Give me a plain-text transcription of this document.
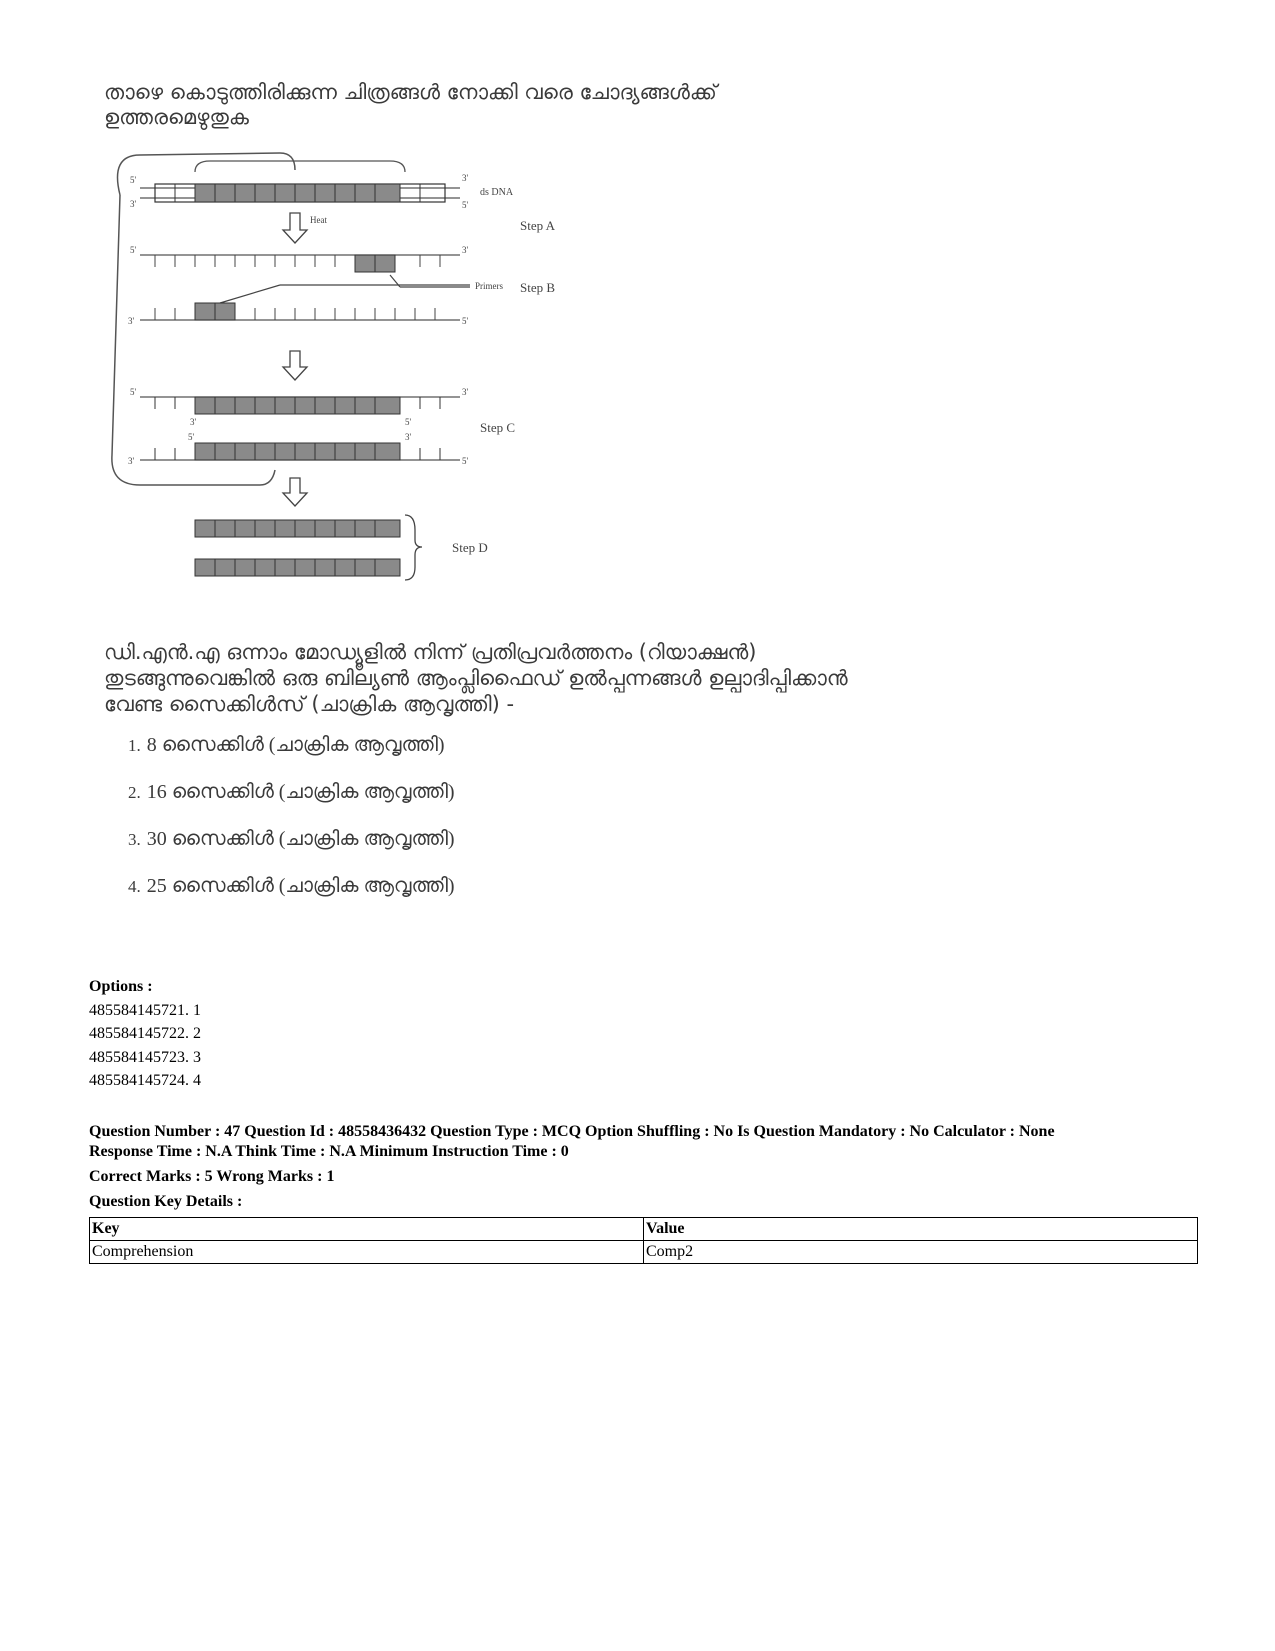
താഴെ കൊടുത്തിരിക്കുന്ന ചിത്രങ്ങൾ നോക്കി വരെ ചോദ്യങ്ങൾക്ക്
ഉത്തരമെഴുതുക
5'
3'
3'
5'
ds DNA
Heat	Step A
5'	3'
Primers Step B
3'	5'
5'	3'
3'	5'	Step C
5'	3'
3'	5'
Step D
ഡി.എൻ.എ ഒന്നാം മോഡ്യൂളിൽ നിന്ന് പ്രതിപ്രവർത്തനം (റിയാക്ഷൻ)
തുടങ്ങുന്നുവെങ്കിൽ ഒരു ബില്യൺ ആംപ്ലിഫൈഡ് ഉൽപ്പന്നങ്ങൾ ഉല്പാദിപ്പിക്കാൻ
വേണ്ട സൈക്കിൾസ് (ചാക്രിക ആവൃത്തി) -
1. 8 സൈക്കിൾ (ചാക്രിക ആവൃത്തി)
2. 16 സൈക്കിൾ (ചാക്രിക ആവൃത്തി)
3. 30 സൈക്കിൾ (ചാക്രിക ആവൃത്തി)
4. 25 സൈക്കിൾ (ചാക്രിക ആവൃത്തി)
Options :
485584145721. 1
485584145722. 2
485584145723. 3
485584145724. 4

Question Number : 47 Question Id : 48558436432 Question Type : MCQ Option Shuffling : No Is Question Mandatory : No Calculator : None

Response Time : N.A Think Time : N.A Minimum Instruction Time : 0

Correct Marks : 5 Wrong Marks : 1

Question Key Details :

Key	Value
Comprehension	Comp2
